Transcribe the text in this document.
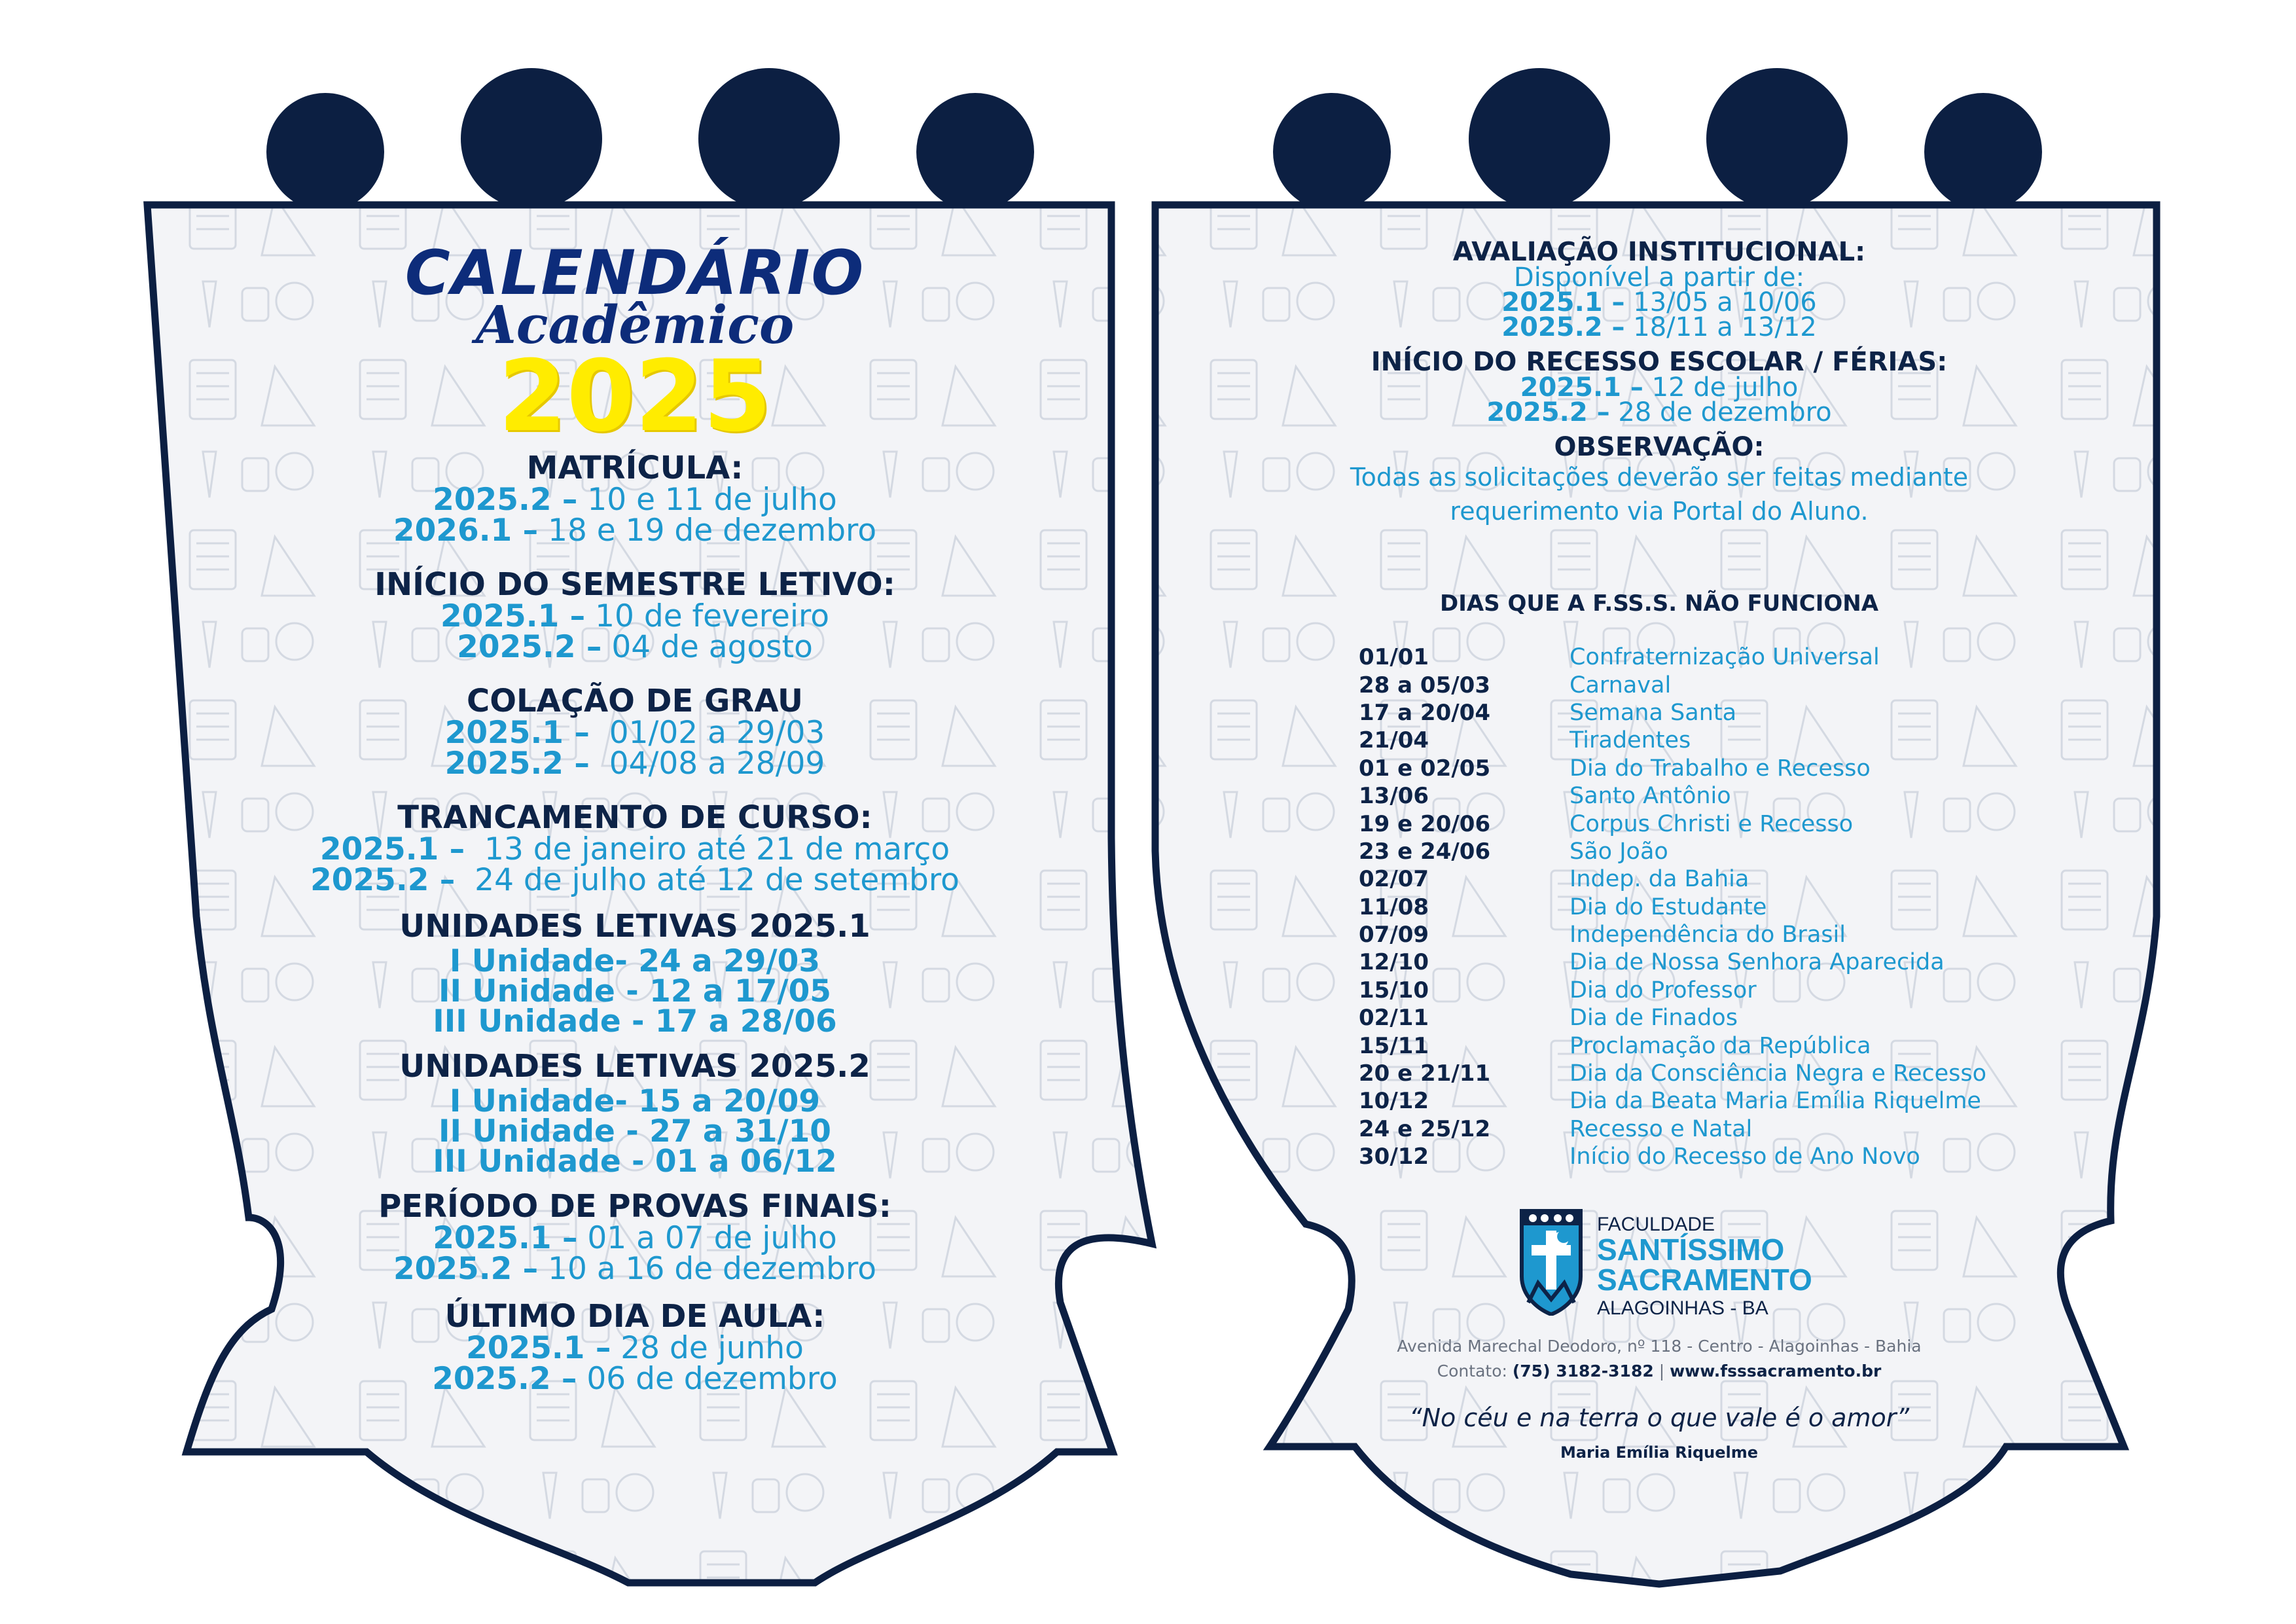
CALENDÁRIO
Acadêmico
2025
MATRÍCULA:
2025.2 – 10 e 11 de julho
2026.1 – 18 e 19 de dezembro
INÍCIO DO SEMESTRE LETIVO:
2025.1 – 10 de fevereiro
2025.2 – 04 de agosto
COLAÇÃO DE GRAU
2025.1 –  01/02 a 29/03
2025.2 –  04/08 a 28/09
TRANCAMENTO DE CURSO:
2025.1 –  13 de janeiro até 21 de março
2025.2 –  24 de julho até 12 de setembro
UNIDADES LETIVAS 2025.1
I Unidade- 24 a 29/03
II Unidade - 12 a 17/05
III Unidade - 17 a 28/06
UNIDADES LETIVAS 2025.2
I Unidade- 15 a 20/09
II Unidade - 27 a 31/10
III Unidade - 01 a 06/12
PERÍODO DE PROVAS FINAIS:
2025.1 – 01 a 07 de julho
2025.2 – 10 a 16 de dezembro
ÚLTIMO DIA DE AULA:
2025.1 – 28 de junho
2025.2 – 06 de dezembro
AVALIAÇÃO INSTITUCIONAL:
Disponível a partir de:
2025.1 – 13/05 a 10/06
2025.2 – 18/11 a 13/12
INÍCIO DO RECESSO ESCOLAR / FÉRIAS:
2025.1 – 12 de julho
2025.2 – 28 de dezembro
OBSERVAÇÃO:
Todas as solicitações deverão ser feitas mediante
requerimento via Portal do Aluno.
DIAS QUE A F.SS.S. NÃO FUNCIONA
01/01	Confraternização Universal
28 a 05/03	Carnaval
17 a 20/04	Semana Santa
21/04	Tiradentes
01 e 02/05	Dia do Trabalho e Recesso
13/06	Santo Antônio
19 e 20/06	Corpus Christi e Recesso
23 e 24/06	São João
02/07	Indep. da Bahia
11/08	Dia do Estudante
07/09	Independência do Brasil
12/10	Dia de Nossa Senhora Aparecida
15/10	Dia do Professor
02/11	Dia de Finados
15/11	Proclamação da República
20 e 21/11	Dia da Consciência Negra e Recesso
10/12	Dia da Beata Maria Emília Riquelme
24 e 25/12	Recesso e Natal
30/12	Início do Recesso de Ano Novo
FACULDADE
SANTÍSSIMO
SACRAMENTO
ALAGOINHAS - BA
Avenida Marechal Deodoro, nº 118 - Centro - Alagoinhas - Bahia
Contato: (75) 3182-3182 | www.fsssacramento.br
“No céu e na terra o que vale é o amor”
Maria Emília Riquelme
